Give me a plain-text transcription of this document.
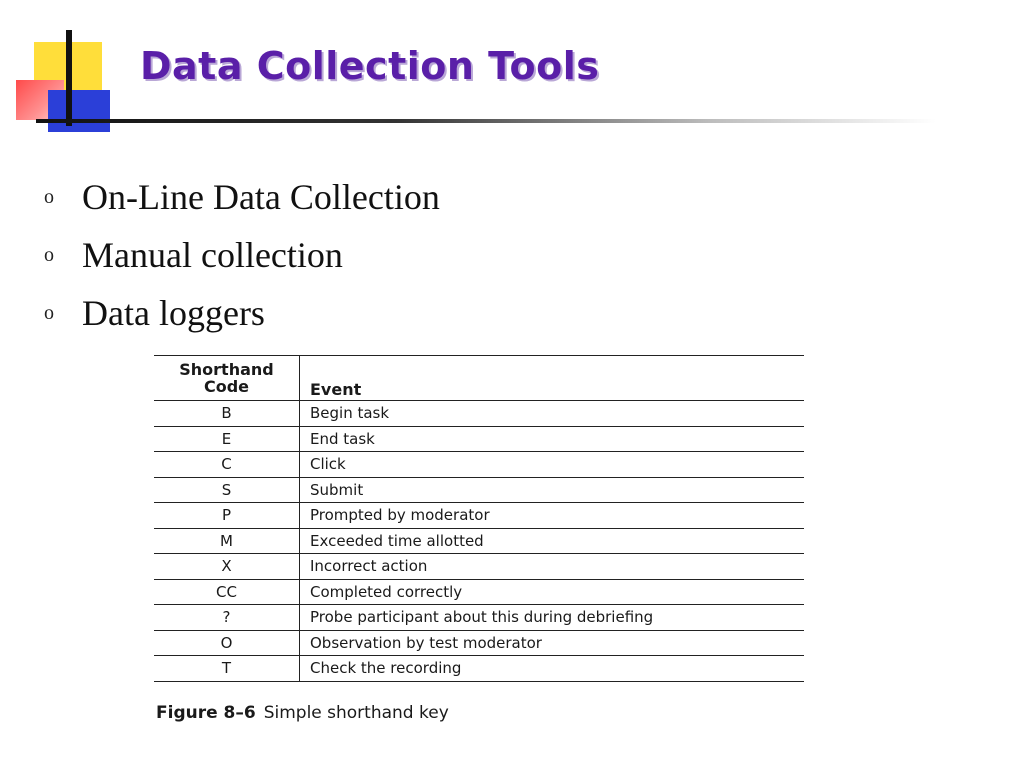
Data Collection Tools
o On-Line Data Collection
o Manual collection
o Data loggers
Shorthand
Code	Event
B	Begin task
E	End task
C	Click
S	Submit
P	Prompted by moderator
M	Exceeded time allotted
X	Incorrect action
CC	Completed correctly
?	Probe participant about this during debriefing
O	Observation by test moderator
T	Check the recording
Figure 8–6 Simple shorthand key
